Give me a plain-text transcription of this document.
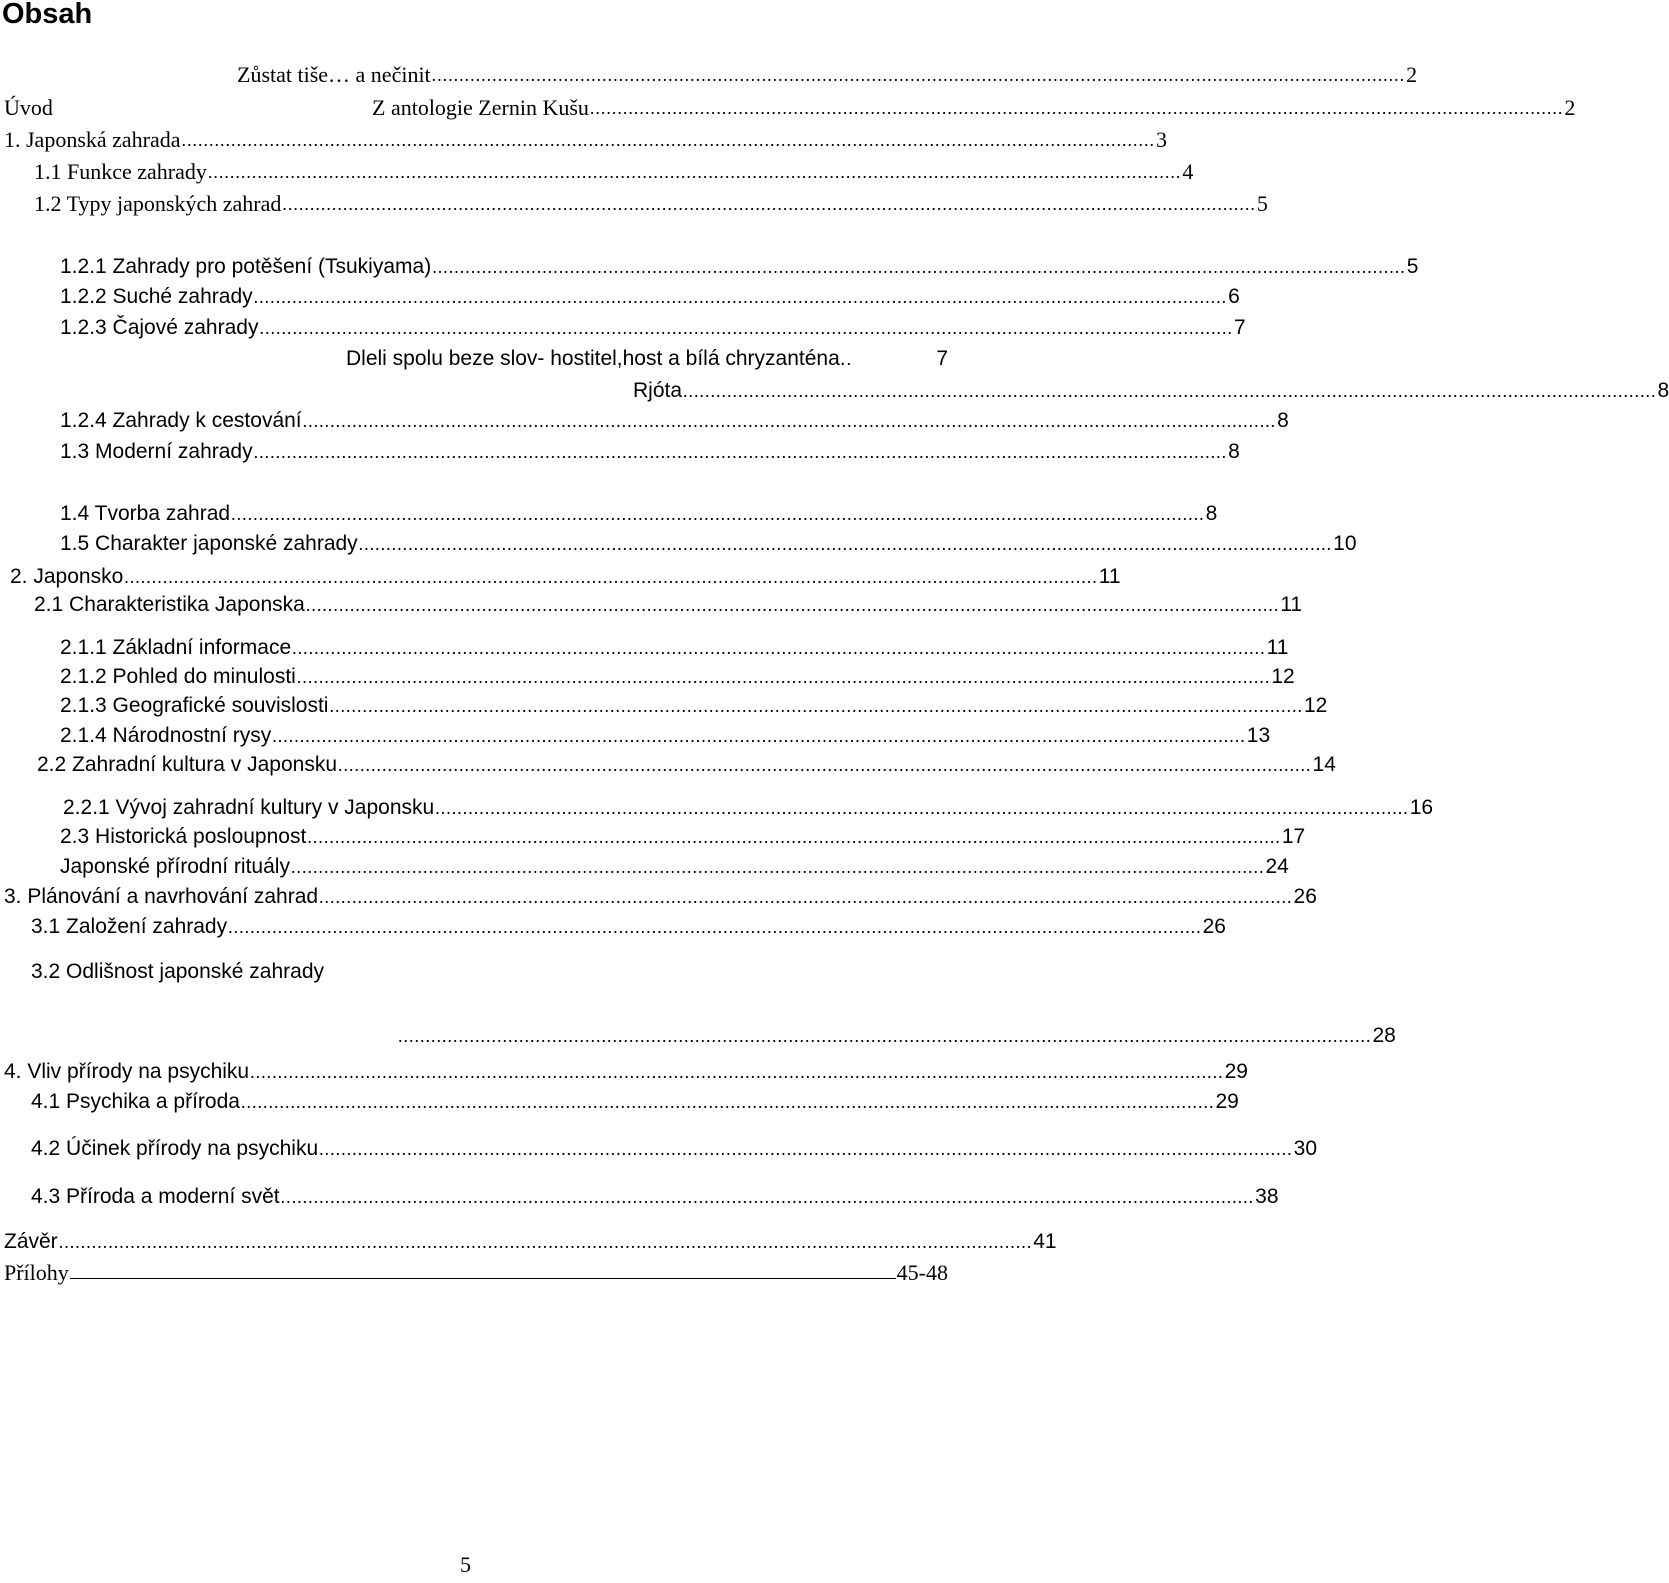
Obsah
Zůstat tiše… a nečinit ................................................................................................................................................................................. 2
Úvod	Z antologie Zernin Kušu ................................................................................................................................................................................. 2
1. Japonská zahrada ................................................................................................................................................................................. 3
1.1 Funkce zahrady ................................................................................................................................................................................. 4
1.2 Typy japonských zahrad ................................................................................................................................................................................. 5
1.2.1 Zahrady pro potěšení (Tsukiyama) ................................................................................................................................................................................. 5
1.2.2 Suché zahrady ................................................................................................................................................................................. 6
1.2.3 Čajové zahrady ................................................................................................................................................................................. 7
Dleli spolu beze slov- hostitel,host a bílá chryzanténa. .	7
Rjóta ................................................................................................................................................................................. 8
1.2.4 Zahrady k cestování ................................................................................................................................................................................. 8
1.3 Moderní zahrady ................................................................................................................................................................................. 8
1.4 Tvorba zahrad ................................................................................................................................................................................. 8
1.5 Charakter japonské zahrady ................................................................................................................................................................................. 10
2. Japonsko ................................................................................................................................................................................. 11
2.1 Charakteristika Japonska ................................................................................................................................................................................. 11
2.1.1 Základní informace ................................................................................................................................................................................. 11
2.1.2 Pohled do minulosti ................................................................................................................................................................................. 12
2.1.3 Geografické souvislosti ................................................................................................................................................................................. 12
2.1.4 Národnostní rysy ................................................................................................................................................................................. 13
2.2 Zahradní kultura v Japonsku ................................................................................................................................................................................. 14
2.2.1 Vývoj zahradní kultury v Japonsku ................................................................................................................................................................................. 16
2.3 Historická posloupnost ................................................................................................................................................................................. 17
Japonské přírodní rituály ................................................................................................................................................................................. 24
3. Plánování a navrhování zahrad ................................................................................................................................................................................. 26
3.1 Založení zahrady ................................................................................................................................................................................. 26
3.2 Odlišnost japonské zahrady
................................................................................................................................................................................. 28
4. Vliv přírody na psychiku ................................................................................................................................................................................. 29
4.1 Psychika a příroda ................................................................................................................................................................................. 29
4.2 Účinek přírody na psychiku ................................................................................................................................................................................. 30
4.3 Příroda a moderní svět ................................................................................................................................................................................. 38
Závěr ................................................................................................................................................................................. 41
Přílohy	45-48
5
